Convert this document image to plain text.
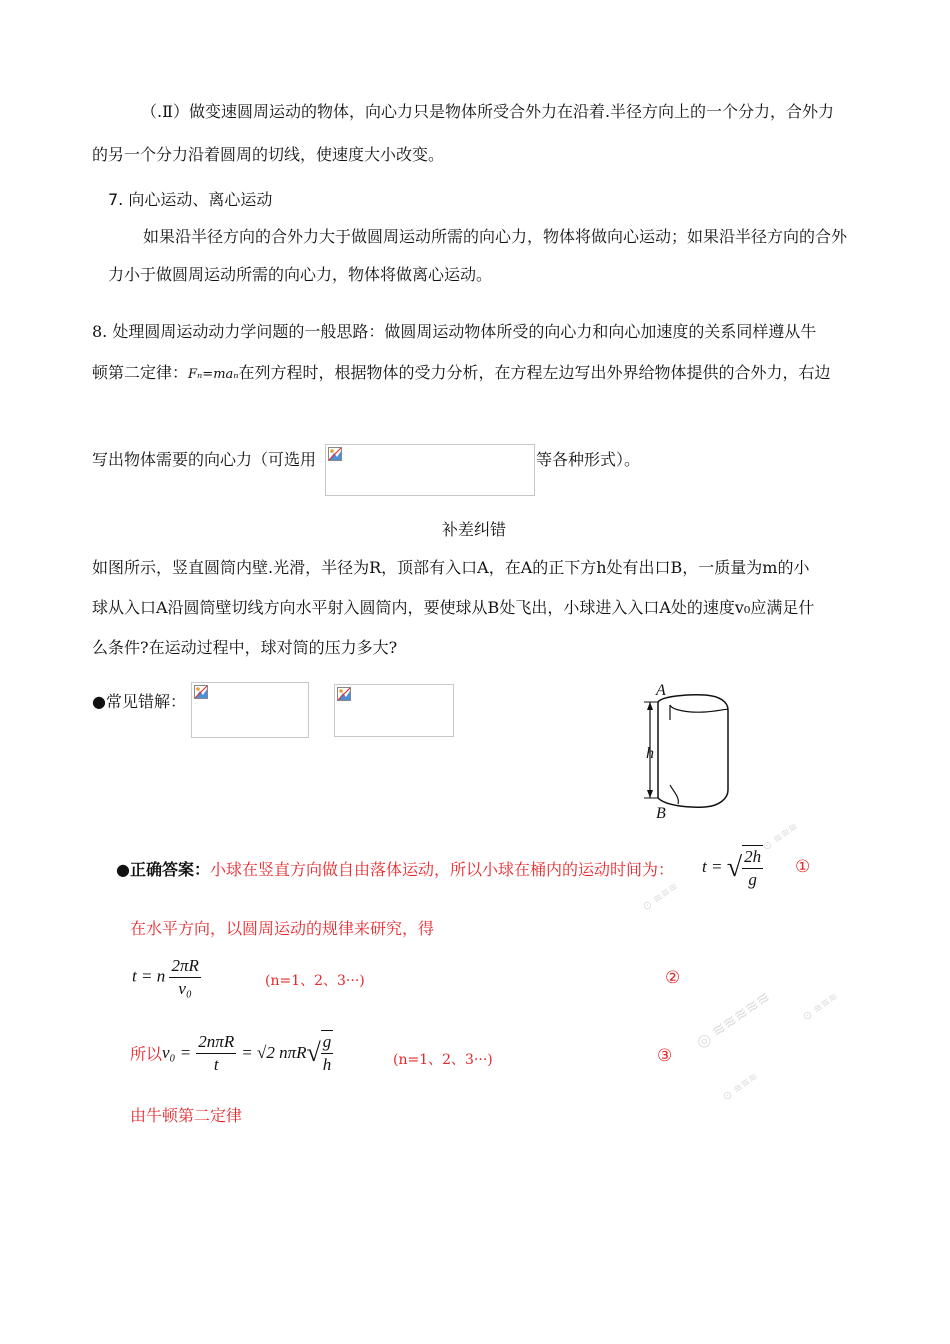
（.Ⅱ）做变速圆周运动的物体，向心力只是物体所受合外力在沿着.半径方向上的一个分力，合外力
的另一个分力沿着圆周的切线，使速度大小改变。
7. 向心运动、离心运动
如果沿半径方向的合外力大于做圆周运动所需的向心力，物体将做向心运动；如果沿半径方向的合外
力小于做圆周运动所需的向心力，物体将做离心运动。
8. 处理圆周运动动力学问题的一般思路：做圆周运动物体所受的向心力和向心加速度的关系同样遵从牛
顿第二定律：Fₙ=maₙ在列方程时，根据物体的受力分析，在方程左边写出外界给物体提供的合外力，右边
写出物体需要的向心力（可选用	等各种形式）。
补差纠错
如图所示，竖直圆筒内壁.光滑，半径为R，顶部有入口A，在A的正下方h处有出口B，一质量为m的小
球从入口A沿圆筒壁切线方向水平射入圆筒内，要使球从B处飞出，小球进入入口A处的速度v₀应满足什
么条件?在运动过程中，球对筒的压力多大?
●常见错解：
A
h
B
⊙ ≋≋≋
⊙ ≋≋≋
◎ ≋≋≋≋≋
⊙ ≋≋≋
⊙ ≋≋≋
●正确答案：小球在竖直方向做自由落体运动，所以小球在桶内的运动时间为： t = √ $\frac{2h}{g}$ ①
在水平方向，以圆周运动的规律来研究，得
t = n $\frac{2\pi R}{\text{v₀}}$	(n=1、2、3···)	②
所以$v_0 = \frac{\text{2nπR}}{t} = √2$ $n\pi R√ \frac{g}{h}$	(n=1、2、3···)	③
由牛顿第二定律
